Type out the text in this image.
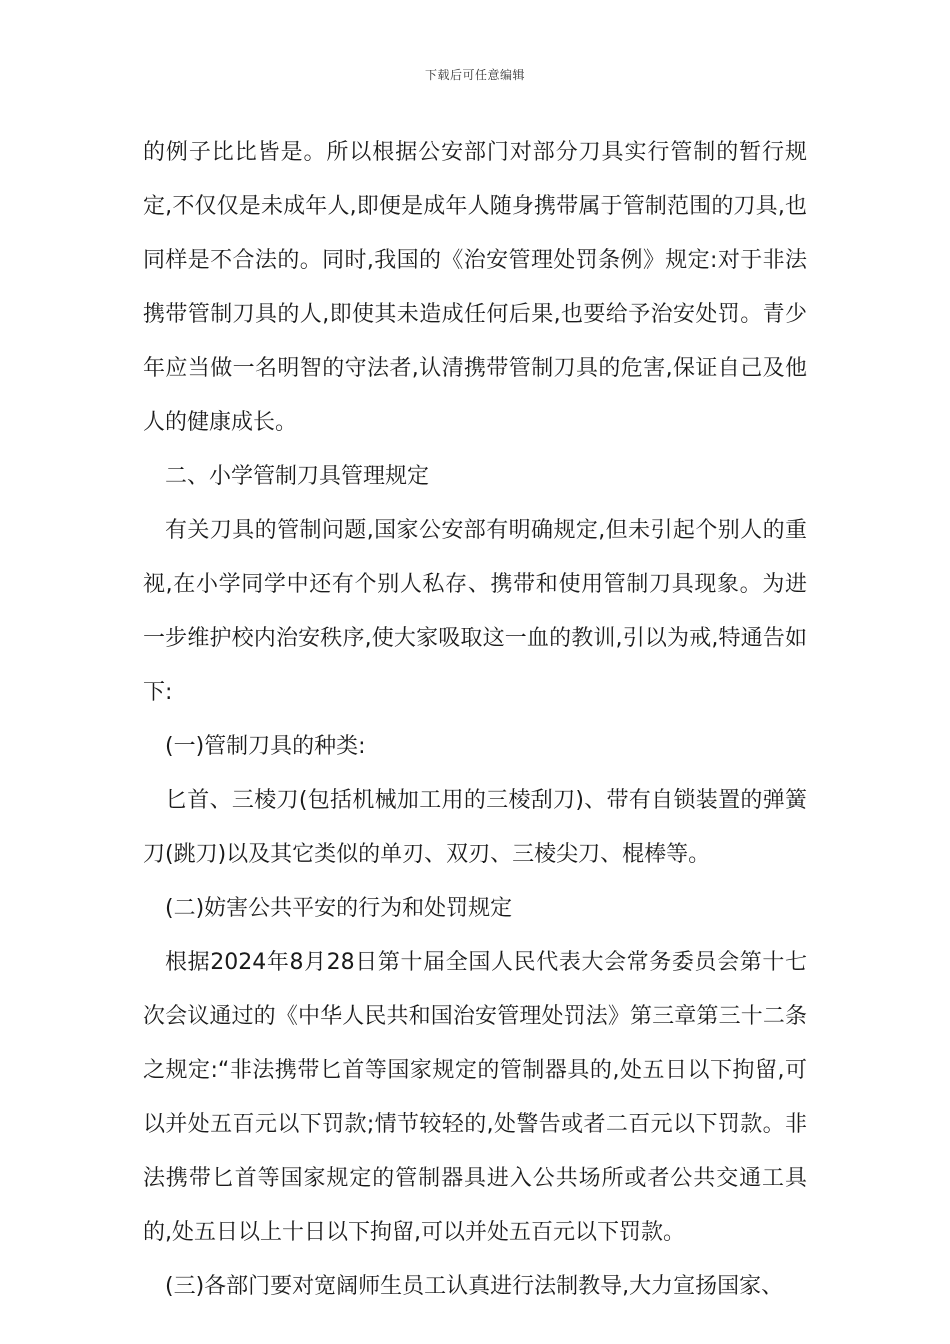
下载后可任意编辑

的例子比比皆是。所以根据公安部门对部分刀具实行管制的暂行规定,不仅仅是未成年人,即便是成年人随身携带属于管制范围的刀具,也同样是不合法的。同时,我国的《治安管理处罚条例》规定:对于非法携带管制刀具的人,即使其未造成任何后果,也要给予治安处罚。青少年应当做一名明智的守法者,认清携带管制刀具的危害,保证自己及他人的健康成长。

二、小学管制刀具管理规定

有关刀具的管制问题,国家公安部有明确规定,但未引起个别人的重视,在小学同学中还有个别人私存、携带和使用管制刀具现象。为进一步维护校内治安秩序,使大家吸取这一血的教训,引以为戒,特通告如下:

(一)管制刀具的种类:

匕首、三棱刀(包括机械加工用的三棱刮刀)、带有自锁装置的弹簧刀(跳刀)以及其它类似的单刃、双刃、三棱尖刀、棍棒等。

(二)妨害公共平安的行为和处罚规定

根据2024年8月28日第十届全国人民代表大会常务委员会第十七次会议通过的《中华人民共和国治安管理处罚法》第三章第三十二条之规定:“非法携带匕首等国家规定的管制器具的,处五日以下拘留,可以并处五百元以下罚款;情节较轻的,处警告或者二百元以下罚款。非法携带匕首等国家规定的管制器具进入公共场所或者公共交通工具的,处五日以上十日以下拘留,可以并处五百元以下罚款。

(三)各部门要对宽阔师生员工认真进行法制教导,大力宣扬国家、
